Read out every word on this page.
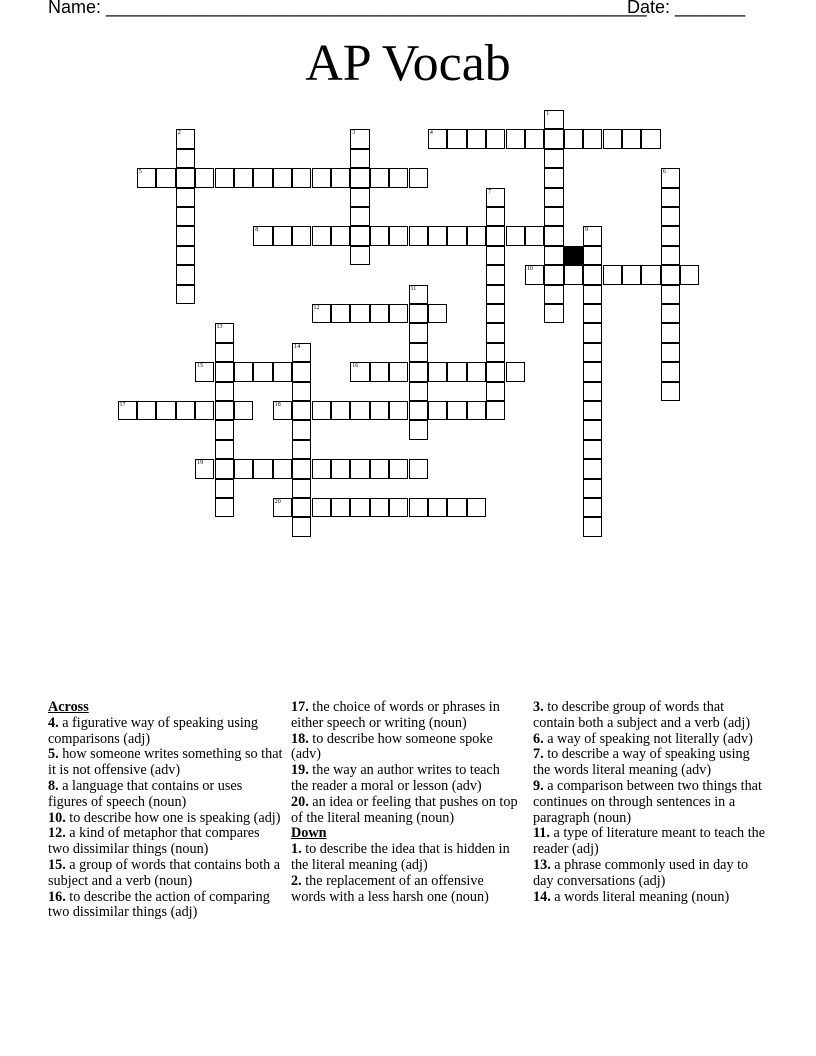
Name: ______________________________________________________
Date: _______
AP Vocab
1
2	3	4
5	6
7
8	9
10
11
12
13
14
15	16
17	18
19
20

Across

4. a figurative way of speaking using comparisons (adj)

5. how someone writes something so that it is not offensive (adv)

8. a language that contains or uses figures of speech (noun)

10. to describe how one is speaking (adj)

12. a kind of metaphor that compares two dissimilar things (noun)

15. a group of words that contains both a subject and a verb (noun)

16. to describe the action of comparing two dissimilar things (adj)

17. the choice of words or phrases in either speech or writing (noun)

18. to describe how someone spoke (adv)

19. the way an author writes to teach the reader a moral or lesson (adv)

20. an idea or feeling that pushes on top of the literal meaning (noun)

Down

1. to describe the idea that is hidden in the literal meaning (adj)

2. the replacement of an offensive words with a less harsh one (noun)

3. to describe group of words that contain both a subject and a verb (adj)

6. a way of speaking not literally (adv)

7. to describe a way of speaking using the words literal meaning (adv)

9. a comparison between two things that continues on through sentences in a paragraph (noun)

11. a type of literature meant to teach the reader (adj)

13. a phrase commonly used in day to day conversations (adj)

14. a words literal meaning (noun)
